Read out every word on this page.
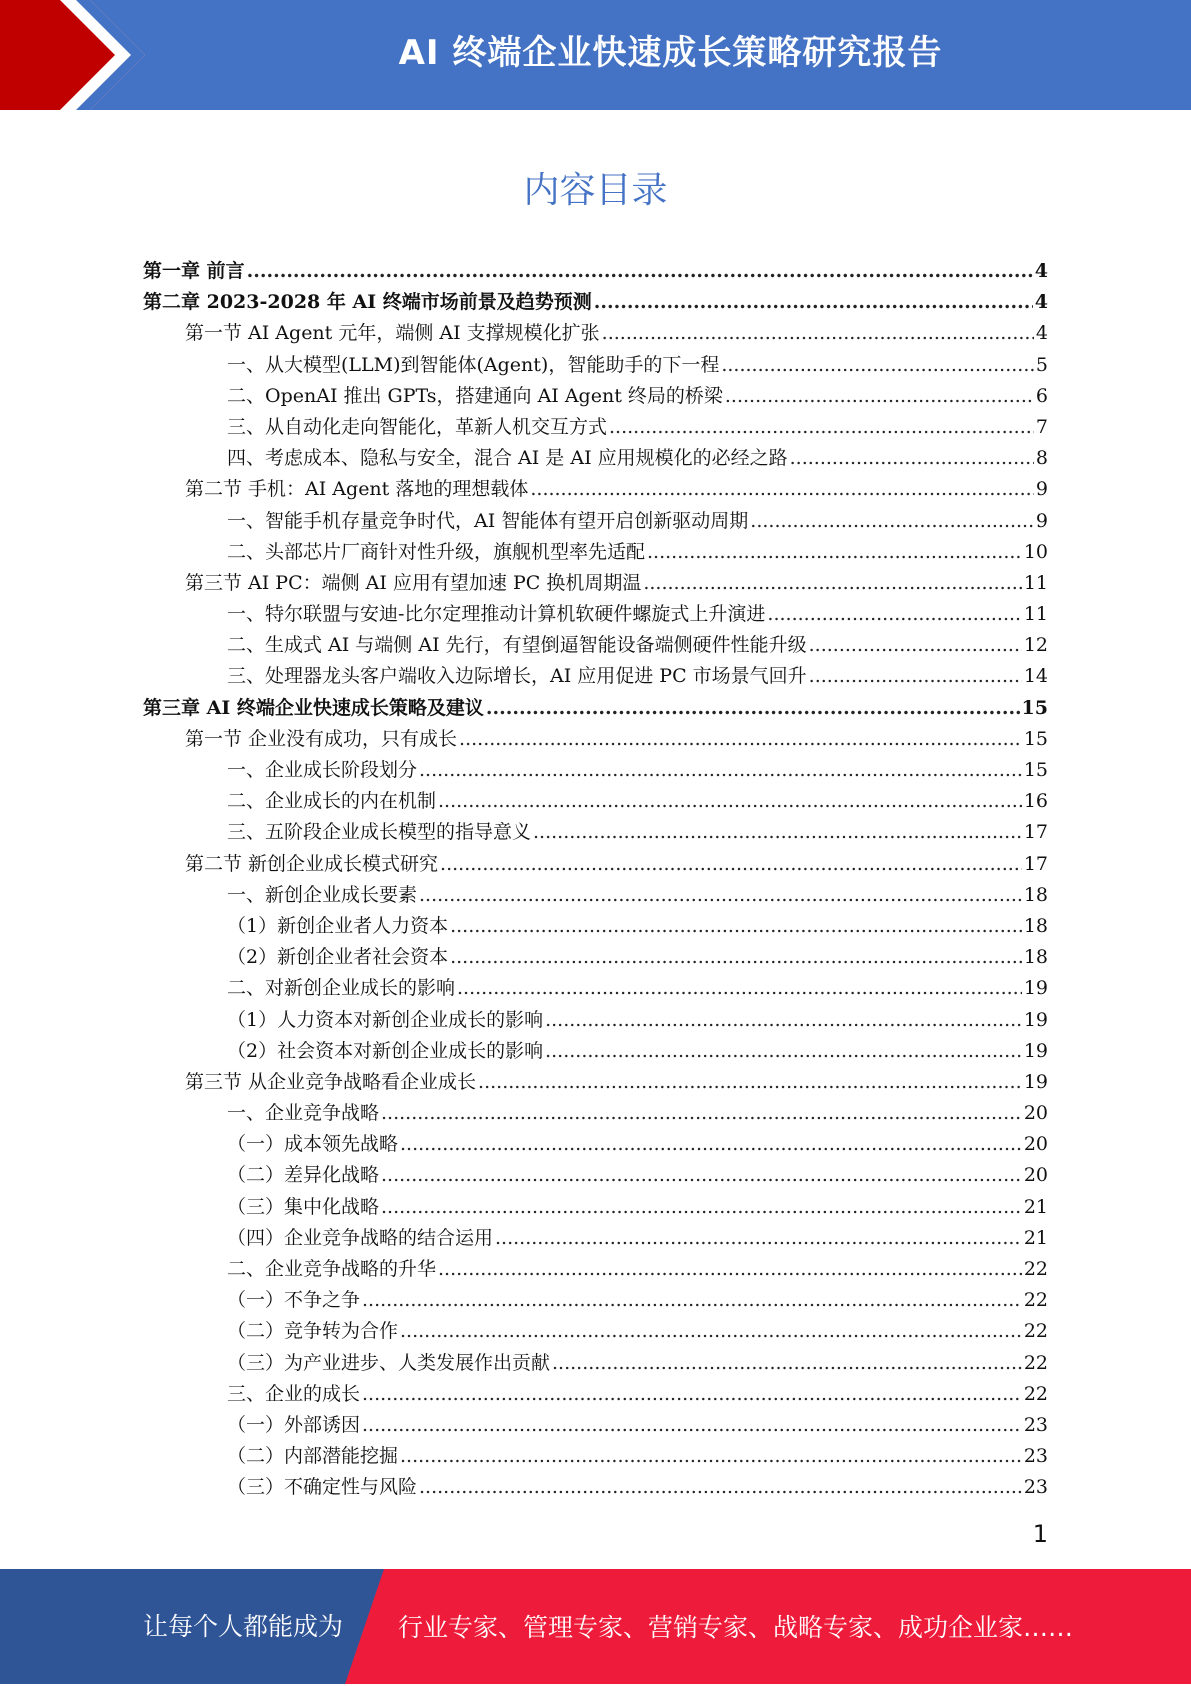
AI 终端企业快速成长策略研究报告
内容目录
第一章 前言 .....	4
第二章 2023-2028 年 AI 终端市场前景及趋势预测 .....	4
第一节 AI Agent 元年，端侧 AI 支撑规模化扩张 .....	4
一、从大模型(LLM)到智能体(Agent)，智能助手的下一程 .....	5
二、OpenAI 推出 GPTs，搭建通向 AI Agent 终局的桥梁 .....	6
三、从自动化走向智能化，革新人机交互方式 .....	7
四、考虑成本、隐私与安全，混合 AI 是 AI 应用规模化的必经之路 .....	8
第二节 手机：AI Agent 落地的理想载体 .....	9
一、智能手机存量竞争时代，AI 智能体有望开启创新驱动周期 .....	9
二、头部芯片厂商针对性升级，旗舰机型率先适配 .....	10
第三节 AI PC：端侧 AI 应用有望加速 PC 换机周期温 .....	11
一、特尔联盟与安迪-比尔定理推动计算机软硬件螺旋式上升演进 .....	11
二、生成式 AI 与端侧 AI 先行，有望倒逼智能设备端侧硬件性能升级 .....	12
三、处理器龙头客户端收入边际增长，AI 应用促进 PC 市场景气回升 .....	14
第三章 AI 终端企业快速成长策略及建议 .....	15
第一节 企业没有成功，只有成长 .....	15
一、企业成长阶段划分 .....	15
二、企业成长的内在机制 .....	16
三、五阶段企业成长模型的指导意义 .....	17
第二节 新创企业成长模式研究 .....	17
一、新创企业成长要素 .....	18
（1）新创企业者人力资本 .....	18
（2）新创企业者社会资本 .....	18
二、对新创企业成长的影响 .....	19
（1）人力资本对新创企业成长的影响 .....	19
（2）社会资本对新创企业成长的影响 .....	19
第三节 从企业竞争战略看企业成长 .....	19
一、企业竞争战略 .....	20
（一）成本领先战略 .....	20
（二）差异化战略 .....	20
（三）集中化战略 .....	21
（四）企业竞争战略的结合运用 .....	21
二、企业竞争战略的升华 .....	22
（一）不争之争 .....	22
（二）竞争转为合作 .....	22
（三）为产业进步、人类发展作出贡献 .....	22
三、企业的成长 .....	22
（一）外部诱因 .....	23
（二）内部潜能挖掘 .....	23
（三）不确定性与风险 .....	23
1
让每个人都能成为 行业专家、管理专家、营销专家、战略专家、成功企业家……
